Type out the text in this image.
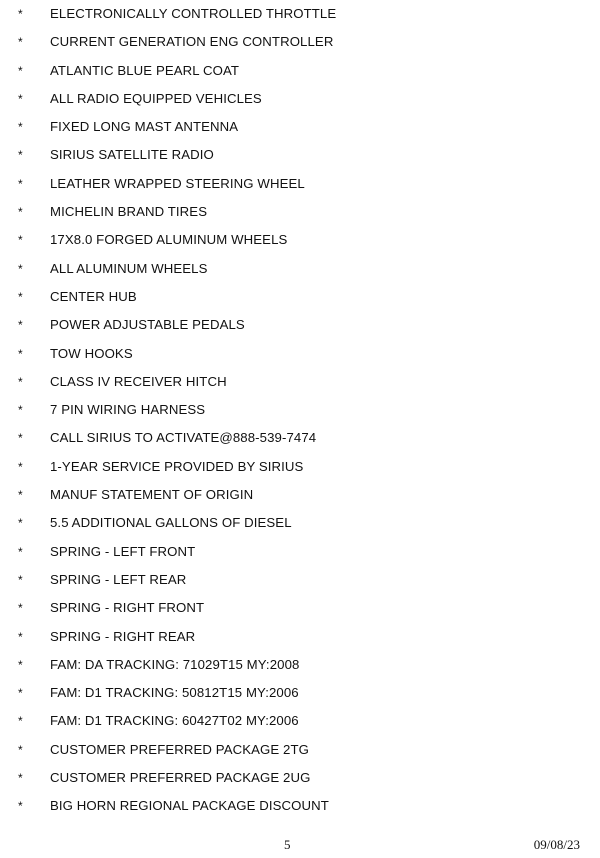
* ELECTRONICALLY CONTROLLED THROTTLE
* CURRENT GENERATION ENG CONTROLLER
* ATLANTIC BLUE PEARL COAT
* ALL RADIO EQUIPPED VEHICLES
* FIXED LONG MAST ANTENNA
* SIRIUS SATELLITE RADIO
* LEATHER WRAPPED STEERING WHEEL
* MICHELIN BRAND TIRES
* 17X8.0 FORGED ALUMINUM WHEELS
* ALL ALUMINUM WHEELS
* CENTER HUB
* POWER ADJUSTABLE PEDALS
* TOW HOOKS
* CLASS IV RECEIVER HITCH
* 7 PIN WIRING HARNESS
* CALL SIRIUS TO ACTIVATE@888-539-7474
* 1-YEAR SERVICE PROVIDED BY SIRIUS
* MANUF STATEMENT OF ORIGIN
* 5.5 ADDITIONAL GALLONS OF DIESEL
* SPRING - LEFT FRONT
* SPRING - LEFT REAR
* SPRING - RIGHT FRONT
* SPRING - RIGHT REAR
* FAM: DA TRACKING: 71029T15 MY:2008
* FAM: D1 TRACKING: 50812T15 MY:2006
* FAM: D1 TRACKING: 60427T02 MY:2006
* CUSTOMER PREFERRED PACKAGE 2TG
* CUSTOMER PREFERRED PACKAGE 2UG
* BIG HORN REGIONAL PACKAGE DISCOUNT
5	09/08/23
